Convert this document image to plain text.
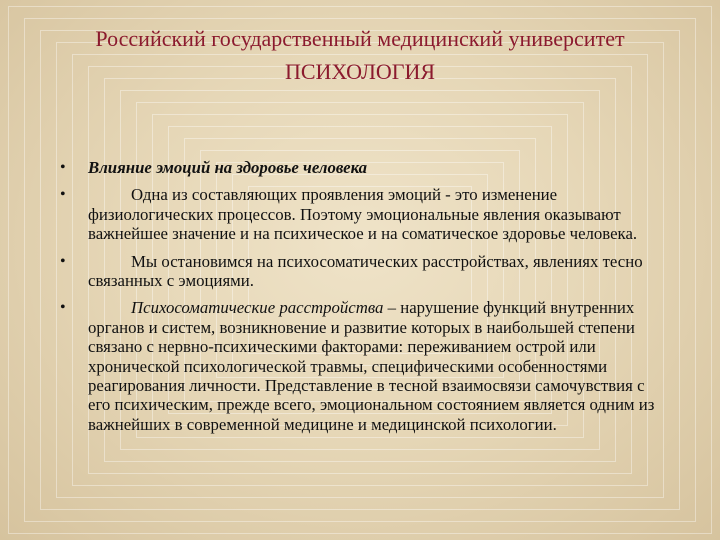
Российский государственный медицинский университет
ПСИХОЛОГИЯ
• Влияние эмоций на здоровье человека
•	Одна из составляющих проявления эмоций - это изменение физиологических процессов. Поэтому эмоциональные явления оказывают важнейшее значение и на психическое и на соматическое здоровье человека.
•	Мы остановимся на психосоматических расстройствах, явлениях тесно связанных с эмоциями.
•	Психосоматические расстройства – нарушение функций внутренних органов и систем, возникновение и развитие которых в наибольшей степени связано с нервно-психическими факторами: переживанием острой или хронической психологической травмы, специфическими особенностями реагирования личности. Представление в тесной взаимосвязи самочувствия с его психическим, прежде всего, эмоциональном состоянием является одним из важнейших в современной медицине и медицинской психологии.
